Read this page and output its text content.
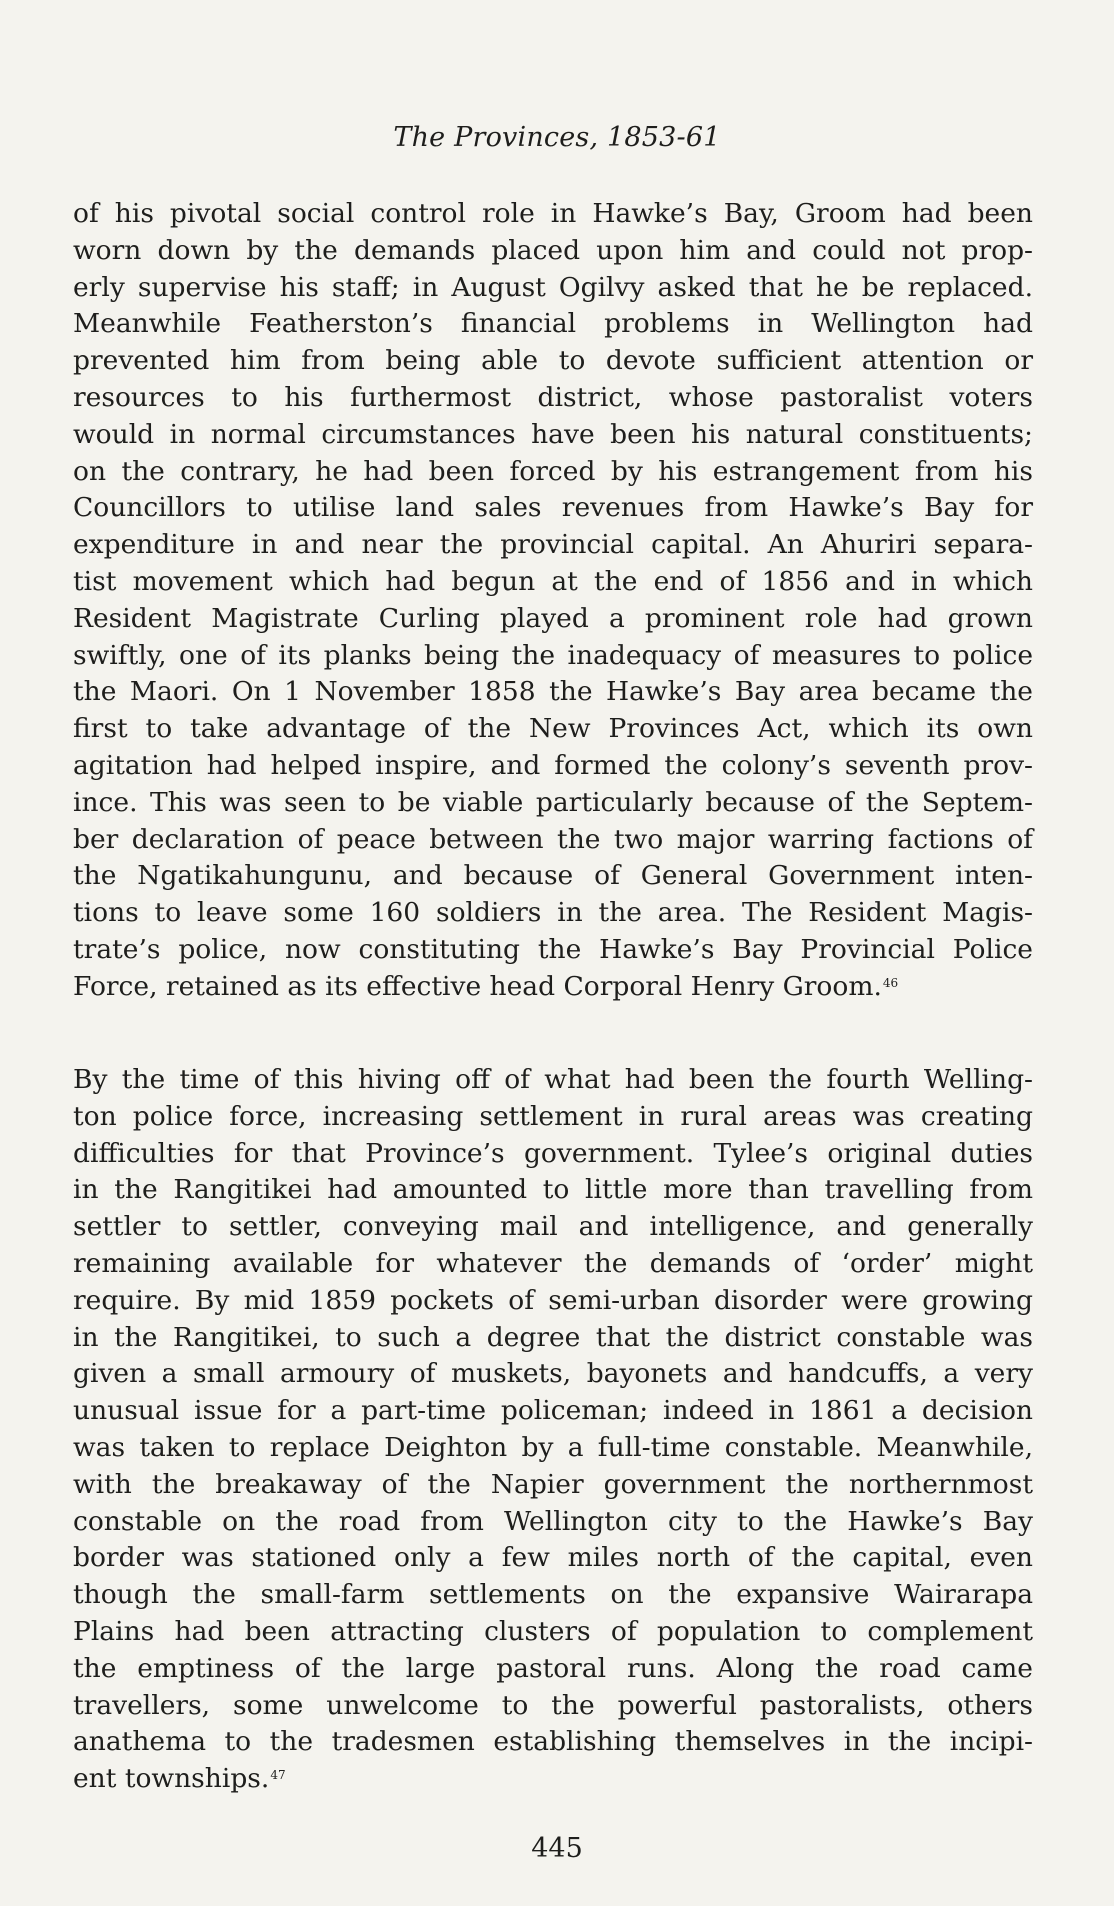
The Provinces, 1853-61

of his pivotal social control role in Hawke’s Bay, Groom had been
worn down by the demands placed upon him and could not prop-
erly supervise his staff; in August Ogilvy asked that he be replaced.
Meanwhile Featherston’s financial problems in Wellington had
prevented him from being able to devote sufficient attention or
resources to his furthermost district, whose pastoralist voters
would in normal circumstances have been his natural constituents;
on the contrary, he had been forced by his estrangement from his
Councillors to utilise land sales revenues from Hawke’s Bay for
expenditure in and near the provincial capital. An Ahuriri separa-
tist movement which had begun at the end of 1856 and in which
Resident Magistrate Curling played a prominent role had grown
swiftly, one of its planks being the inadequacy of measures to police
the Maori. On 1 November 1858 the Hawke’s Bay area became the
first to take advantage of the New Provinces Act, which its own
agitation had helped inspire, and formed the colony’s seventh prov-
ince. This was seen to be viable particularly because of the Septem-
ber declaration of peace between the two major warring factions of
the Ngatikahungunu, and because of General Government inten-
tions to leave some 160 soldiers in the area. The Resident Magis-
trate’s police, now constituting the Hawke’s Bay Provincial Police
Force, retained as its effective head Corporal Henry Groom.$^{46}$

By the time of this hiving off of what had been the fourth Welling-
ton police force, increasing settlement in rural areas was creating
difficulties for that Province’s government. Tylee’s original duties
in the Rangitikei had amounted to little more than travelling from
settler to settler, conveying mail and intelligence, and generally
remaining available for whatever the demands of ‘order’ might
require. By mid 1859 pockets of semi-urban disorder were growing
in the Rangitikei, to such a degree that the district constable was
given a small armoury of muskets, bayonets and handcuffs, a very
unusual issue for a part-time policeman; indeed in 1861 a decision
was taken to replace Deighton by a full-time constable. Meanwhile,
with the breakaway of the Napier government the northernmost
constable on the road from Wellington city to the Hawke’s Bay
border was stationed only a few miles north of the capital, even
though the small-farm settlements on the expansive Wairarapa
Plains had been attracting clusters of population to complement
the emptiness of the large pastoral runs. Along the road came
travellers, some unwelcome to the powerful pastoralists, others
anathema to the tradesmen establishing themselves in the incipi-
ent townships.$^{47}$

445
